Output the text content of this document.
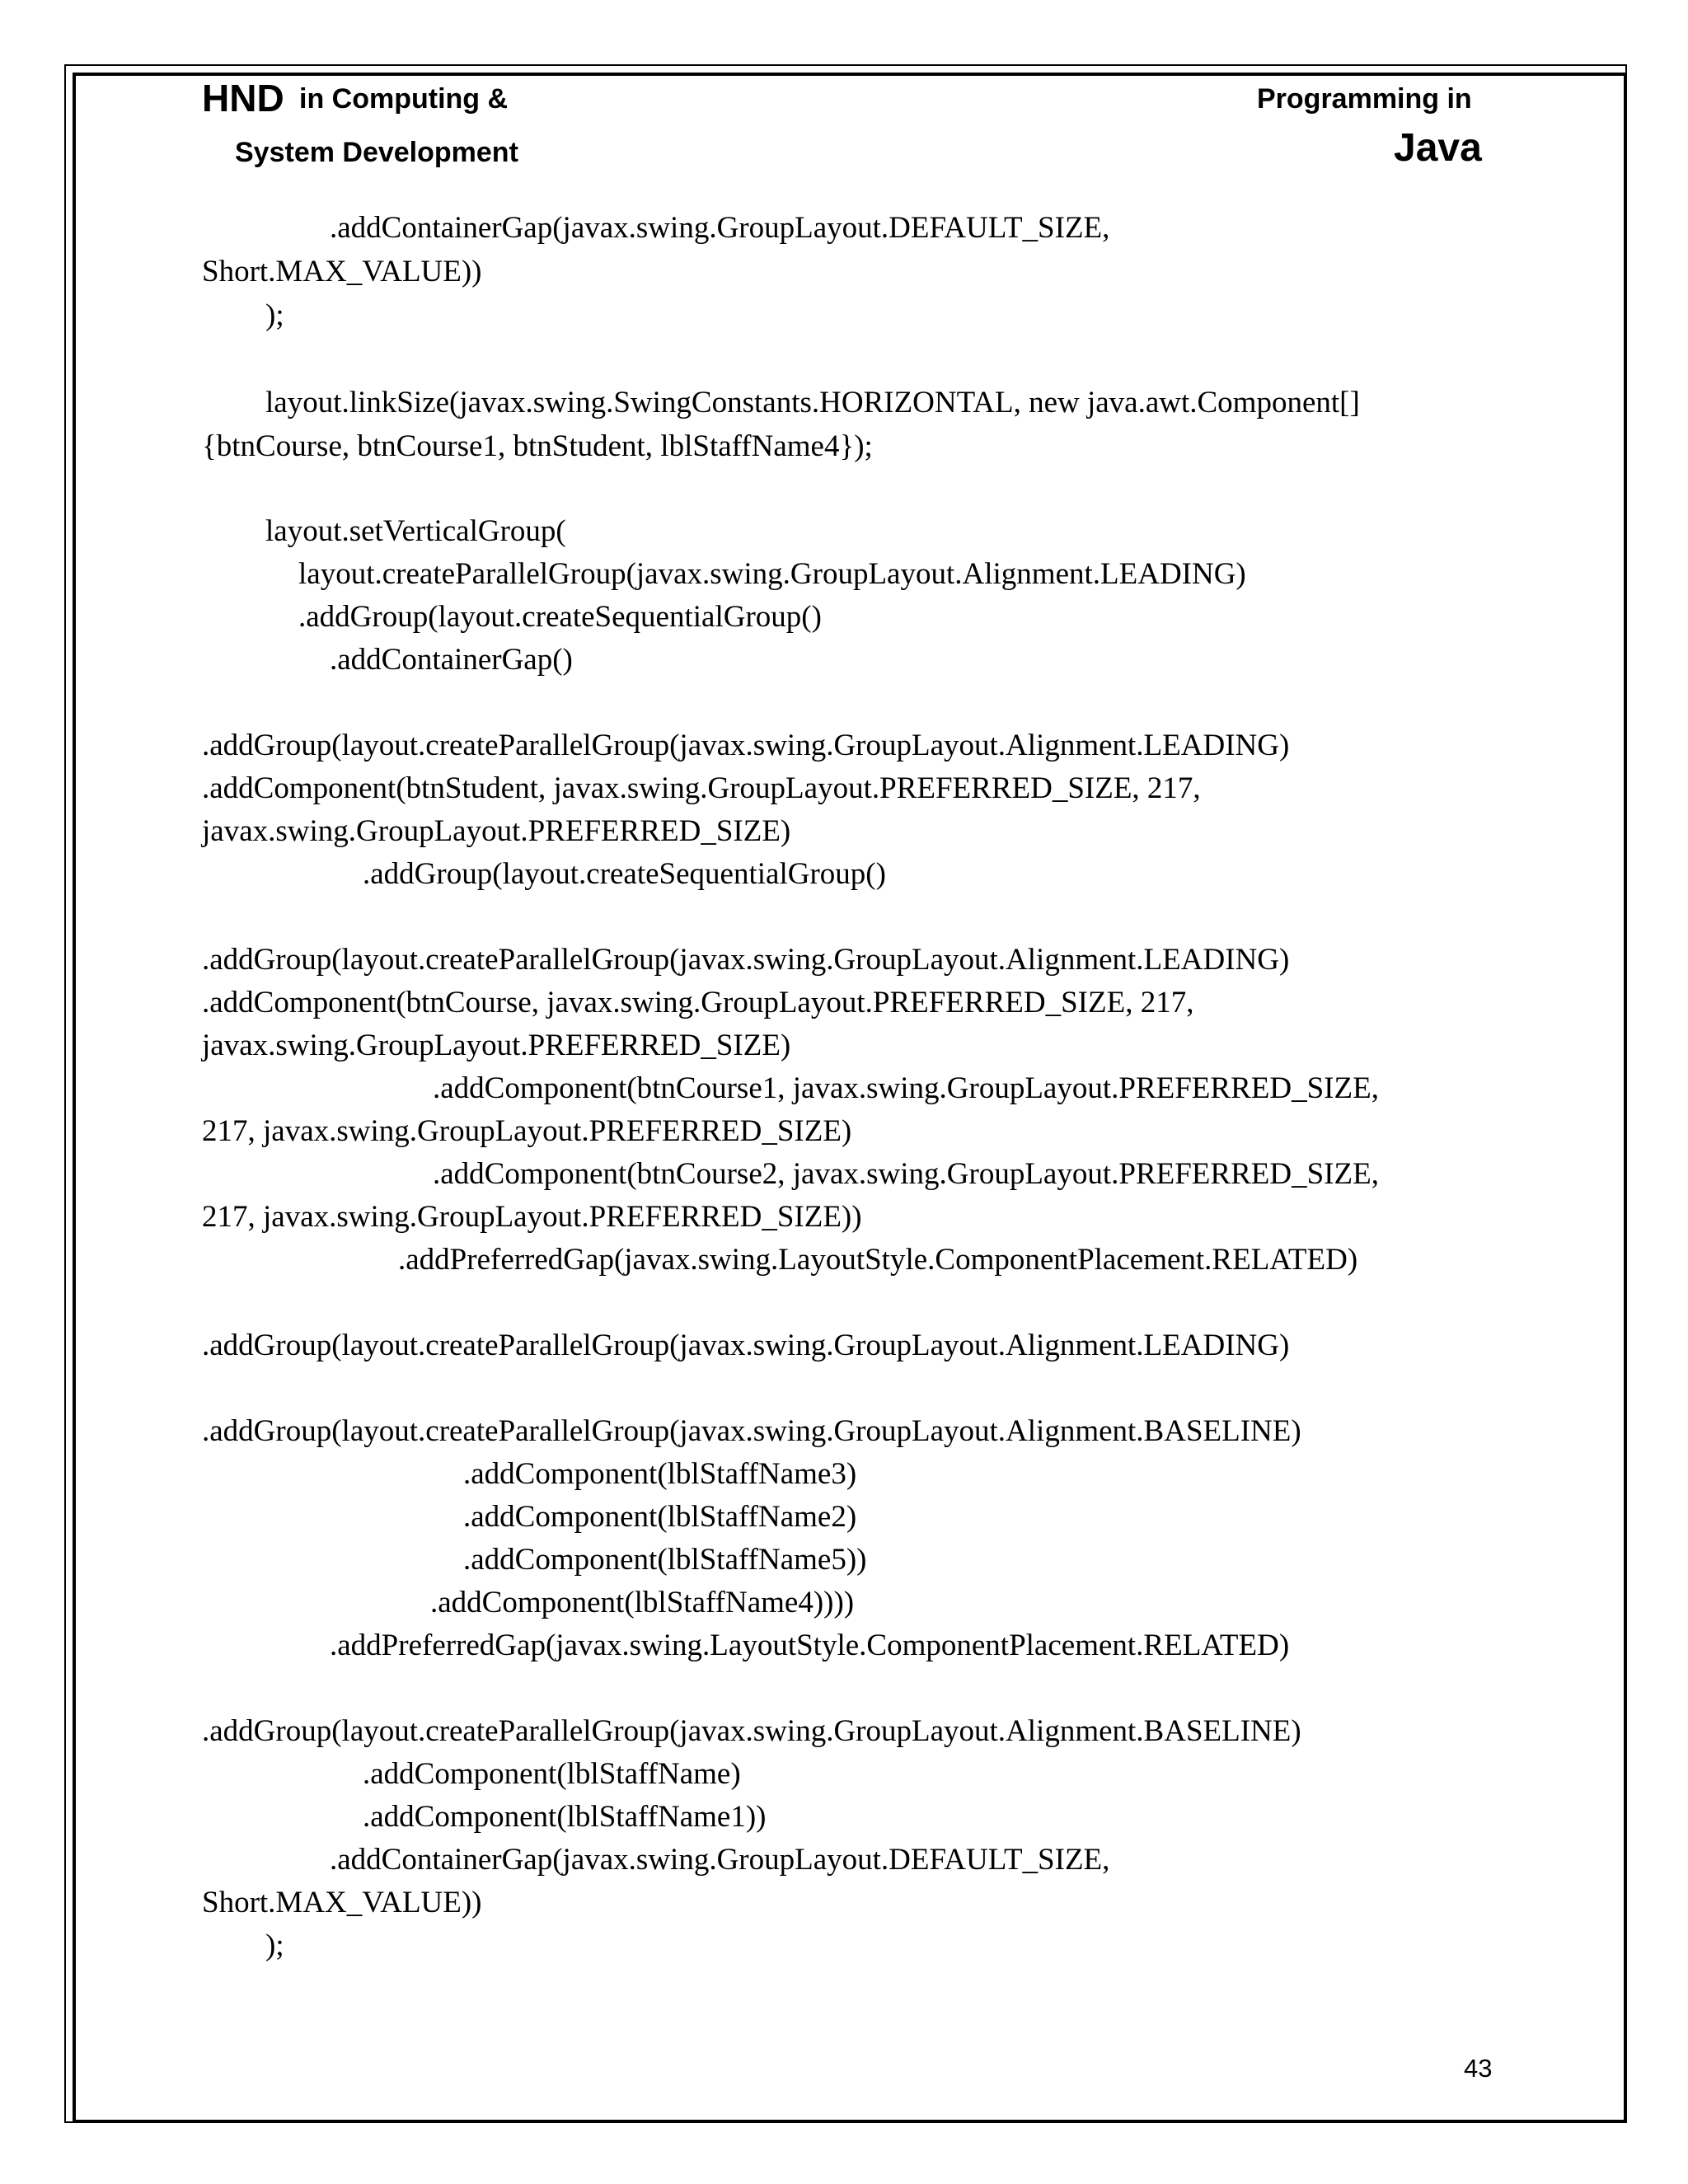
HND in Computing &
System Development
Programming in
Java
.addContainerGap(javax.swing.GroupLayout.DEFAULT_SIZE,
Short.MAX_VALUE))
);
layout.linkSize(javax.swing.SwingConstants.HORIZONTAL, new java.awt.Component[]
{btnCourse, btnCourse1, btnStudent, lblStaffName4});
layout.setVerticalGroup(
layout.createParallelGroup(javax.swing.GroupLayout.Alignment.LEADING)
.addGroup(layout.createSequentialGroup()
.addContainerGap()
.addGroup(layout.createParallelGroup(javax.swing.GroupLayout.Alignment.LEADING)
.addComponent(btnStudent, javax.swing.GroupLayout.PREFERRED_SIZE, 217,
javax.swing.GroupLayout.PREFERRED_SIZE)
.addGroup(layout.createSequentialGroup()
.addGroup(layout.createParallelGroup(javax.swing.GroupLayout.Alignment.LEADING)
.addComponent(btnCourse, javax.swing.GroupLayout.PREFERRED_SIZE, 217,
javax.swing.GroupLayout.PREFERRED_SIZE)
.addComponent(btnCourse1, javax.swing.GroupLayout.PREFERRED_SIZE,
217, javax.swing.GroupLayout.PREFERRED_SIZE)
.addComponent(btnCourse2, javax.swing.GroupLayout.PREFERRED_SIZE,
217, javax.swing.GroupLayout.PREFERRED_SIZE))
.addPreferredGap(javax.swing.LayoutStyle.ComponentPlacement.RELATED)
.addGroup(layout.createParallelGroup(javax.swing.GroupLayout.Alignment.LEADING)
.addGroup(layout.createParallelGroup(javax.swing.GroupLayout.Alignment.BASELINE)
.addComponent(lblStaffName3)
.addComponent(lblStaffName2)
.addComponent(lblStaffName5))
.addComponent(lblStaffName4))))
.addPreferredGap(javax.swing.LayoutStyle.ComponentPlacement.RELATED)
.addGroup(layout.createParallelGroup(javax.swing.GroupLayout.Alignment.BASELINE)
.addComponent(lblStaffName)
.addComponent(lblStaffName1))
.addContainerGap(javax.swing.GroupLayout.DEFAULT_SIZE,
Short.MAX_VALUE))
);
43
